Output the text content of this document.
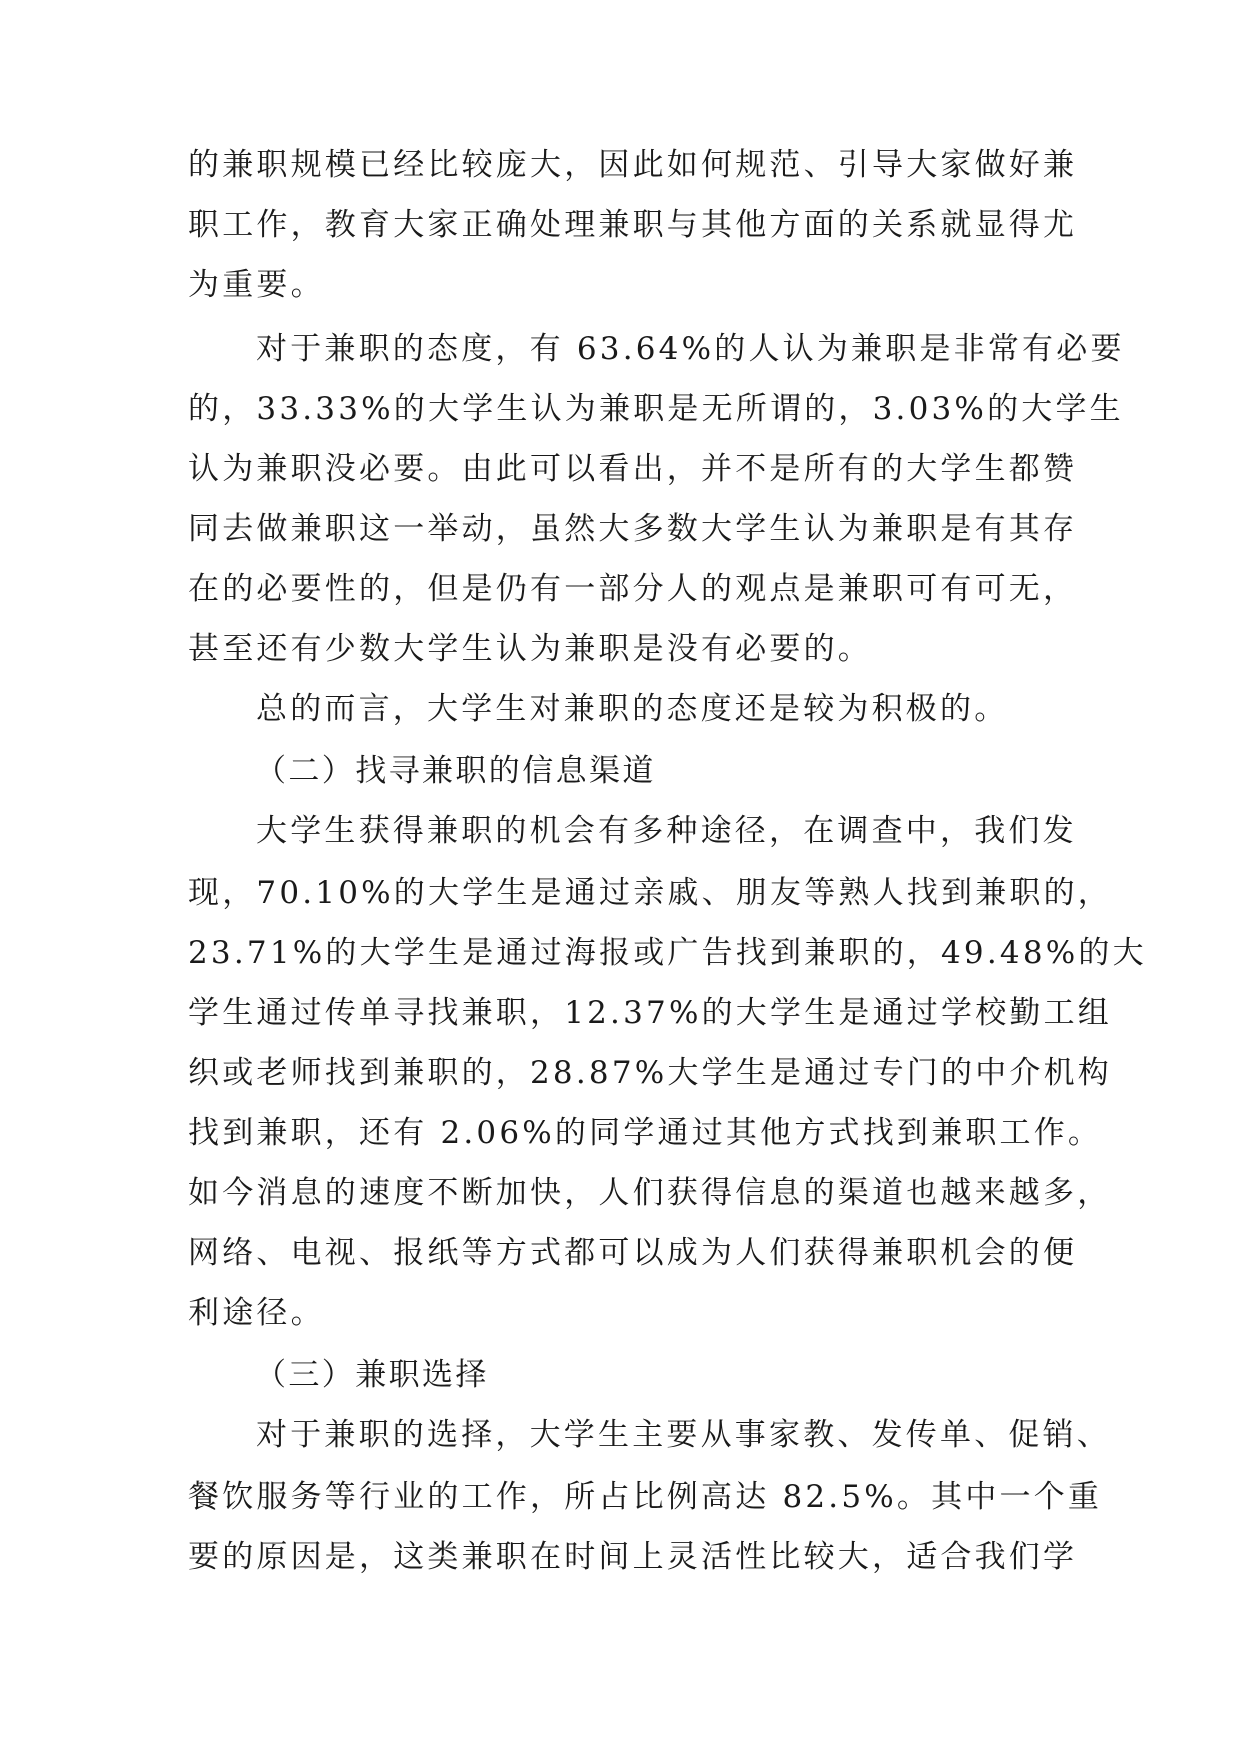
的兼职规模已经比较庞大，因此如何规范、引导大家做好兼
职工作，教育大家正确处理兼职与其他方面的关系就显得尤
为重要。
对于兼职的态度，有 63.64%的人认为兼职是非常有必要
的，33.33%的大学生认为兼职是无所谓的，3.03%的大学生
认为兼职没必要。由此可以看出，并不是所有的大学生都赞
同去做兼职这一举动，虽然大多数大学生认为兼职是有其存
在的必要性的，但是仍有一部分人的观点是兼职可有可无，
甚至还有少数大学生认为兼职是没有必要的。
总的而言，大学生对兼职的态度还是较为积极的。
（二）找寻兼职的信息渠道
大学生获得兼职的机会有多种途径，在调查中，我们发
现，70.10%的大学生是通过亲戚、朋友等熟人找到兼职的，
23.71%的大学生是通过海报或广告找到兼职的，49.48%的大
学生通过传单寻找兼职，12.37%的大学生是通过学校勤工组
织或老师找到兼职的，28.87%大学生是通过专门的中介机构
找到兼职，还有 2.06%的同学通过其他方式找到兼职工作。
如今消息的速度不断加快，人们获得信息的渠道也越来越多，
网络、电视、报纸等方式都可以成为人们获得兼职机会的便
利途径。
（三）兼职选择
对于兼职的选择，大学生主要从事家教、发传单、促销、
餐饮服务等行业的工作，所占比例高达 82.5%。其中一个重
要的原因是，这类兼职在时间上灵活性比较大，适合我们学
